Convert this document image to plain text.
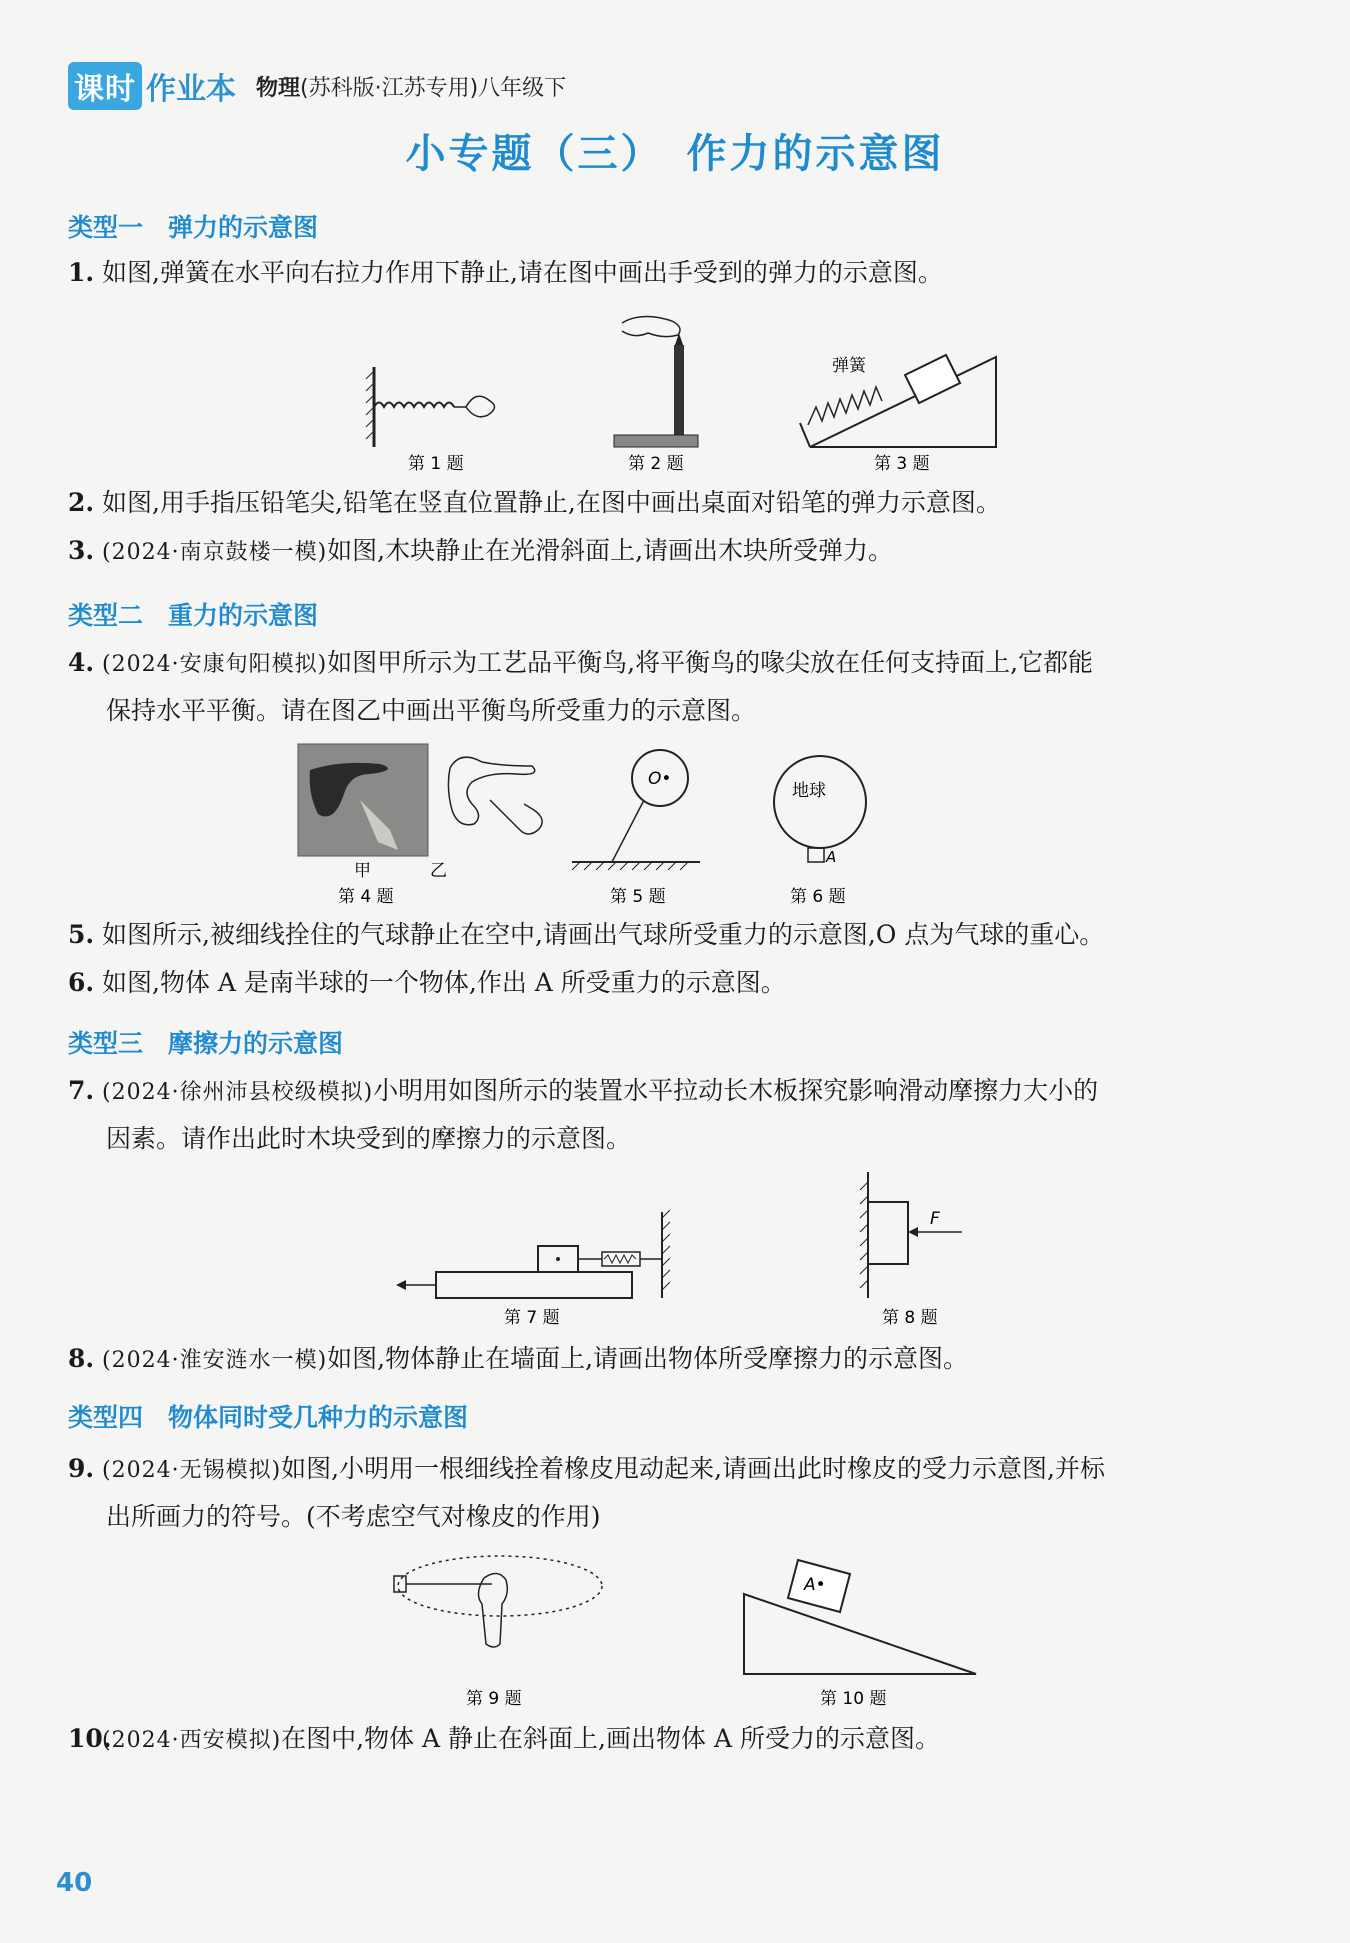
课时 作业本 物理(苏科版·江苏专用)八年级下
小专题（三）　作力的示意图
类型一　弹力的示意图
1. 如图,弹簧在水平向右拉力作用下静止,请在图中画出手受到的弹力的示意图。
第 1 题	第 2 题
弹簧
第 3 题
2. 如图,用手指压铅笔尖,铅笔在竖直位置静止,在图中画出桌面对铅笔的弹力示意图。
3. (2024·南京鼓楼一模)如图,木块静止在光滑斜面上,请画出木块所受弹力。
类型二　重力的示意图
4. (2024·安康旬阳模拟)如图甲所示为工艺品平衡鸟,将平衡鸟的喙尖放在任何支持面上,它都能
保持水平平衡。请在图乙中画出平衡鸟所受重力的示意图。
甲	乙
第 4 题
O•
第 5 题
地球
A
第 6 题
5. 如图所示,被细线拴住的气球静止在空中,请画出气球所受重力的示意图,O 点为气球的重心。
6. 如图,物体 A 是南半球的一个物体,作出 A 所受重力的示意图。
类型三　摩擦力的示意图
7. (2024·徐州沛县校级模拟)小明用如图所示的装置水平拉动长木板探究影响滑动摩擦力大小的
因素。请作出此时木块受到的摩擦力的示意图。
第 7 题
F
第 8 题
8. (2024·淮安涟水一模)如图,物体静止在墙面上,请画出物体所受摩擦力的示意图。
类型四　物体同时受几种力的示意图
9. (2024·无锡模拟)如图,小明用一根细线拴着橡皮甩动起来,请画出此时橡皮的受力示意图,并标
出所画力的符号。(不考虑空气对橡皮的作用)
第 9 题
A•
第 10 题
10.(2024·西安模拟)在图中,物体 A 静止在斜面上,画出物体 A 所受力的示意图。
40
